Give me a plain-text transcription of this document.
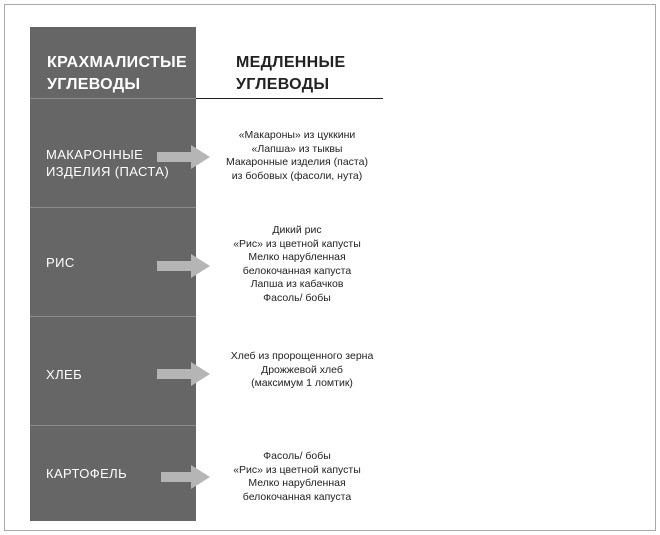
КРАХМАЛИСТЫЕ
УГЛЕВОДЫ
МЕДЛЕННЫЕ
УГЛЕВОДЫ
МАКАРОННЫЕ
ИЗДЕЛИЯ (ПАСТА)
«Макароны» из цуккини
«Лапша» из тыквы
Макаронные изделия (паста)
из бобовых (фасоли, нута)
РИС
Дикий рис
«Рис» из цветной капусты
Мелко нарубленная
белокочанная капуста
Лапша из кабачков
Фасоль/ бобы
ХЛЕБ
Хлеб из пророщенного зерна
Дрожжевой хлеб
(максимум 1 ломтик)
КАРТОФЕЛЬ
Фасоль/ бобы
«Рис» из цветной капусты
Мелко нарубленная
белокочанная капуста
